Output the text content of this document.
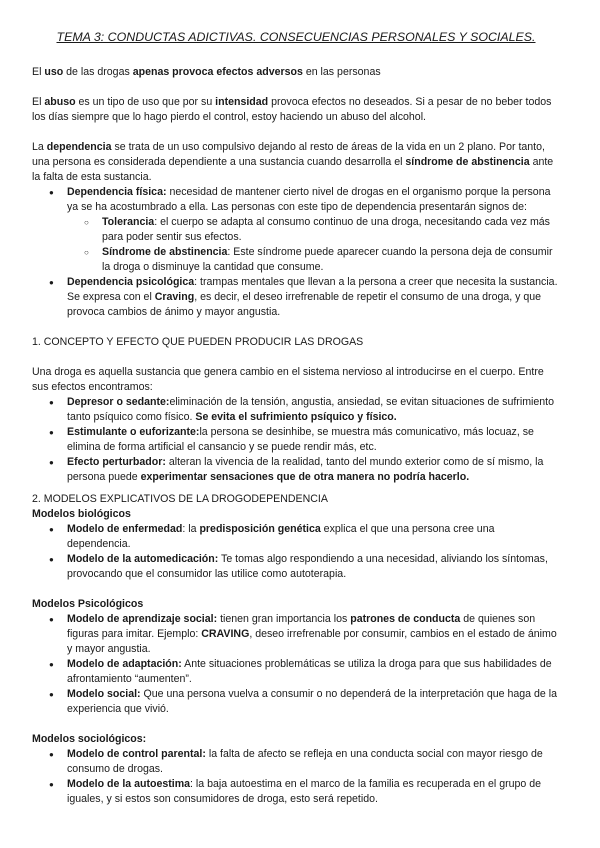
TEMA 3: CONDUCTAS ADICTIVAS. CONSECUENCIAS PERSONALES Y SOCIALES.

El uso de las drogas apenas provoca efectos adversos en las personas

El abuso es un tipo de uso que por su intensidad provoca efectos no deseados. Si a pesar de no beber todos los días siempre que lo hago pierdo el control, estoy haciendo un abuso del alcohol.

La dependencia se trata de un uso compulsivo dejando al resto de áreas de la vida en un 2 plano. Por tanto, una persona es considerada dependiente a una sustancia cuando desarrolla el síndrome de abstinencia ante la falta de esta sustancia.

● Dependencia física: necesidad de mantener cierto nivel de drogas en el organismo porque la persona ya se ha acostumbrado a ella. Las personas con este tipo de dependencia presentarán signos de:
○ Tolerancia: el cuerpo se adapta al consumo continuo de una droga, necesitando cada vez más para poder sentir sus efectos.
○ Síndrome de abstinencia: Este síndrome puede aparecer cuando la persona deja de consumir la droga o disminuye la cantidad que consume.
● Dependencia psicológica: trampas mentales que llevan a la persona a creer que necesita la sustancia. Se expresa con el Craving, es decir, el deseo irrefrenable de repetir el consumo de una droga, y que provoca cambios de ánimo y mayor angustia.

1. CONCEPTO Y EFECTO QUE PUEDEN PRODUCIR LAS DROGAS

Una droga es aquella sustancia que genera cambio en el sistema nervioso al introducirse en el cuerpo. Entre sus efectos encontramos:

● Depresor o sedante:eliminación de la tensión, angustia, ansiedad, se evitan situaciones de sufrimiento tanto psíquico como físico. Se evita el sufrimiento psíquico y físico.
● Estimulante o euforizante:la persona se desinhibe, se muestra más comunicativo, más locuaz, se elimina de forma artificial el cansancio y se puede rendir más, etc.
● Efecto perturbador: alteran la vivencia de la realidad, tanto del mundo exterior como de sí mismo, la persona puede experimentar sensaciones que de otra manera no podría hacerlo.

2. MODELOS EXPLICATIVOS DE LA DROGODEPENDENCIA

Modelos biológicos

● Modelo de enfermedad: la predisposición genética explica el que una persona cree una dependencia.
● Modelo de la automedicación: Te tomas algo respondiendo a una necesidad, aliviando los síntomas, provocando que el consumidor las utilice como autoterapia.

Modelos Psicológicos

● Modelo de aprendizaje social: tienen gran importancia los patrones de conducta de quienes son figuras para imitar. Ejemplo: CRAVING, deseo irrefrenable por consumir, cambios en el estado de ánimo y mayor angustia.
● Modelo de adaptación: Ante situaciones problemáticas se utiliza la droga para que sus habilidades de afrontamiento “aumenten”.
● Modelo social: Que una persona vuelva a consumir o no dependerá de la interpretación que haga de la experiencia que vivió.

Modelos sociológicos:

● Modelo de control parental: la falta de afecto se refleja en una conducta social con mayor riesgo de consumo de drogas.
● Modelo de la autoestima: la baja autoestima en el marco de la familia es recuperada en el grupo de iguales, y si estos son consumidores de droga, esto será repetido.
